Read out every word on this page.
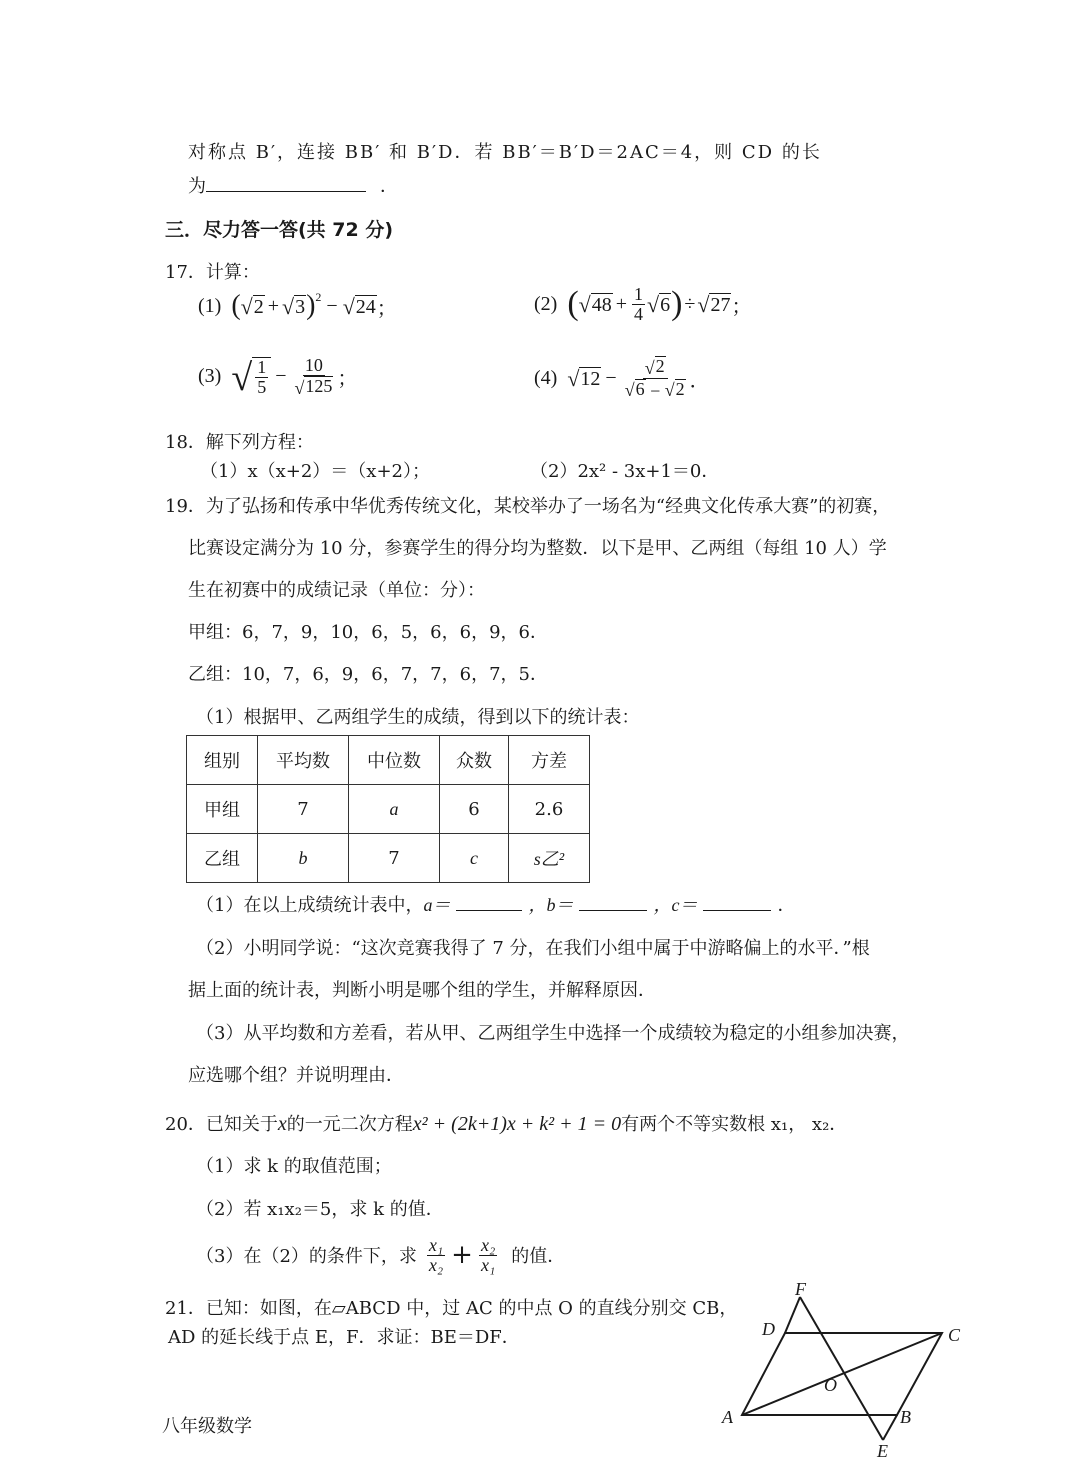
对称点 B′，连接 BB′ 和 B′D．若 BB′＝B′D＝2AC＝4，则 CD 的长
为	．
三．尽力答一答(共 72 分)
17．计算：
(1) ( √ 2 + √ 3 )$^2$ − √ 24 ；	(2) ( √ $48 + \frac{1}{4}$ √ 6 ) ÷ √ 27 ；
(3) √ $\frac{1}{5} - \frac{10}{√ 125}$ ；	(4) √ $12 - \frac{√ 2}{√ 6 - √ 2}$ ．
18．解下列方程：
（1）x（x+2）＝（x+2）；	（2）2x² - 3x+1＝0．
19．为了弘扬和传承中华优秀传统文化，某校举办了一场名为“经典文化传承大赛”的初赛，
比赛设定满分为 10 分，参赛学生的得分均为整数．以下是甲、乙两组（每组 10 人）学
生在初赛中的成绩记录（单位：分）：
甲组：6，7，9，10，6，5，6，6，9，6．
乙组：10，7，6，9，6，7，7，6，7，5．
（1）根据甲、乙两组学生的成绩，得到以下的统计表：
组别	平均数	中位数	众数	方差
甲组	7	a	6	2.6
乙组	b	7	c	s乙²
（1）在以上成绩统计表中，a＝	，b＝	，c＝	．
（2）小明同学说：“这次竞赛我得了 7 分，在我们小组中属于中游略偏上的水平．”根
据上面的统计表，判断小明是哪个组的学生，并解释原因．
（3）从平均数和方差看，若从甲、乙两组学生中选择一个成绩较为稳定的小组参加决赛，
应选哪个组？并说明理由．
20．已知关于x的一元二次方程x² + (2k+1)x + k² + 1 = 0有两个不等实数根 x₁， x₂．
（1）求 k 的取值范围；
（2）若 x₁x₂＝5，求 k 的值．
（3）在（2）的条件下，求 $\frac{\text{x₁}}{\text{x₂}} + \frac{\text{x₂}}{\text{x₁}}$ 的值．
21．已知：如图，在▱ABCD 中，过 AC 的中点 O 的直线分别交 CB，
AD 的延长线于点 E，F．求证：BE＝DF．
F
D	C
O
A	B
E
八年级数学
